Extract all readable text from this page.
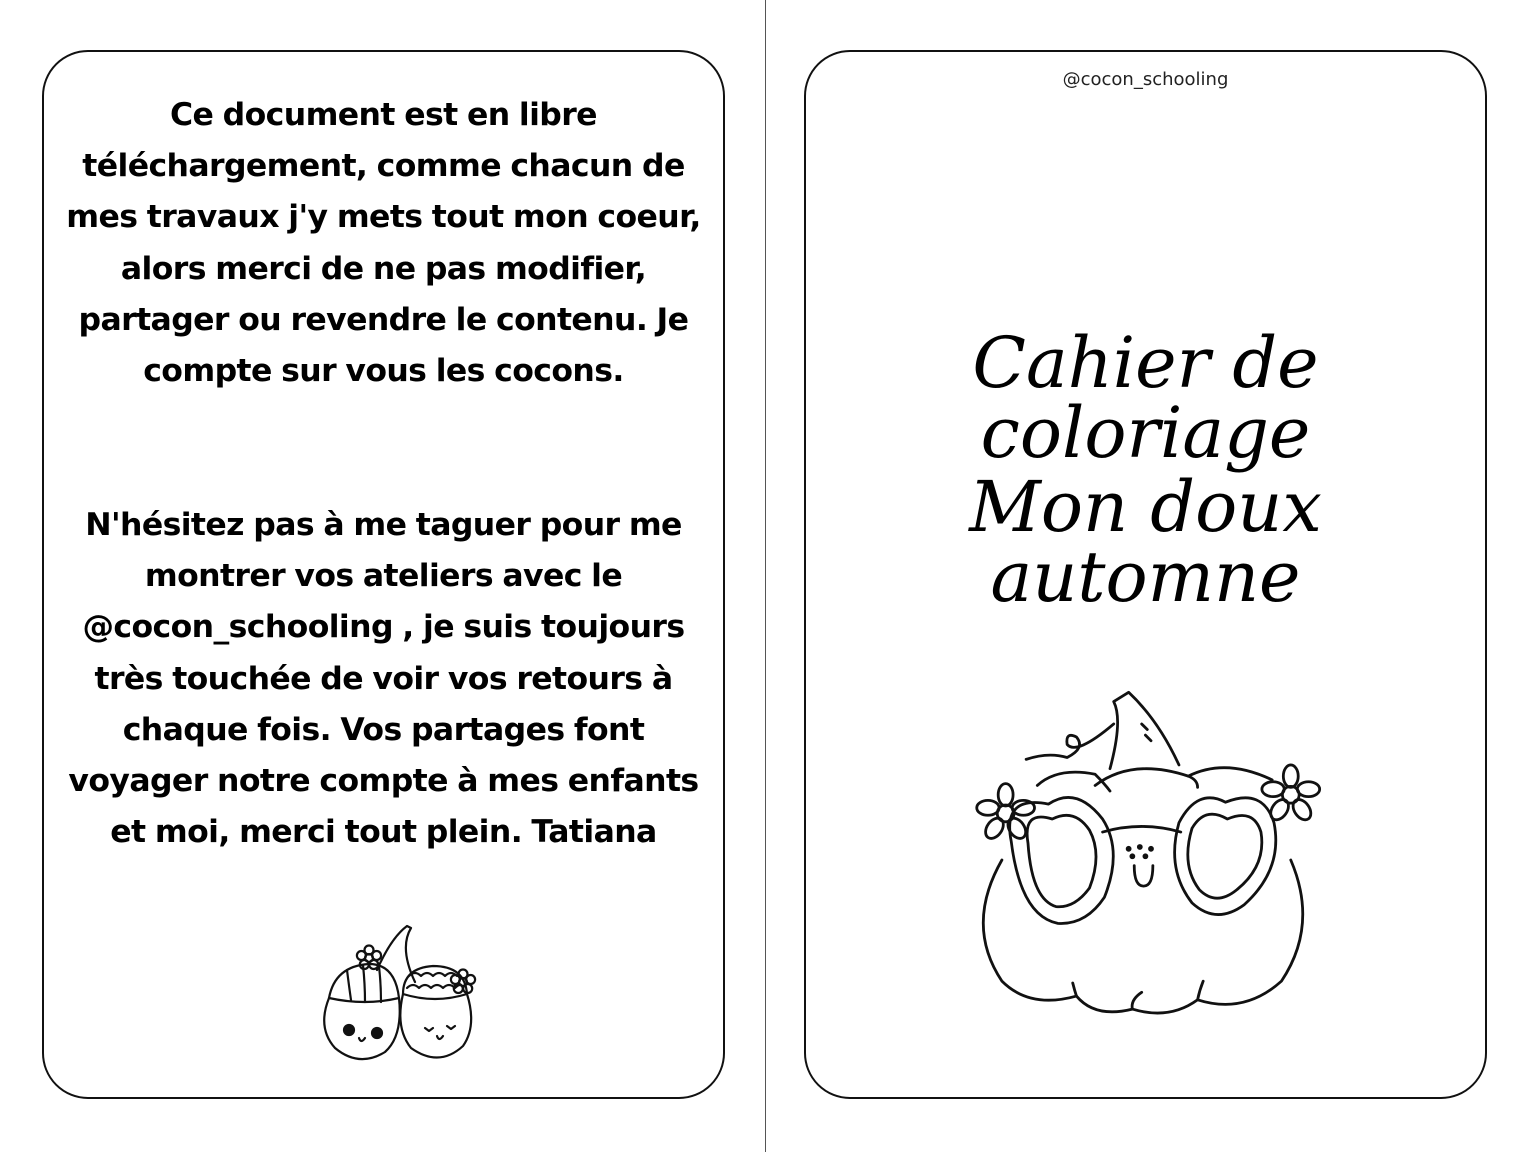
Ce document est en libre téléchargement, comme chacun de mes travaux j'y mets tout mon coeur, alors merci de ne pas modifier, partager ou revendre le contenu. Je compte sur vous les cocons.

N'hésitez pas à me taguer pour me montrer vos ateliers avec le @cocon_schooling , je suis toujours très touchée de voir vos retours à chaque fois. Vos partages font voyager notre compte à mes enfants et moi, merci tout plein. Tatiana

@cocon_schooling
Cahier de coloriage
Mon doux automne
